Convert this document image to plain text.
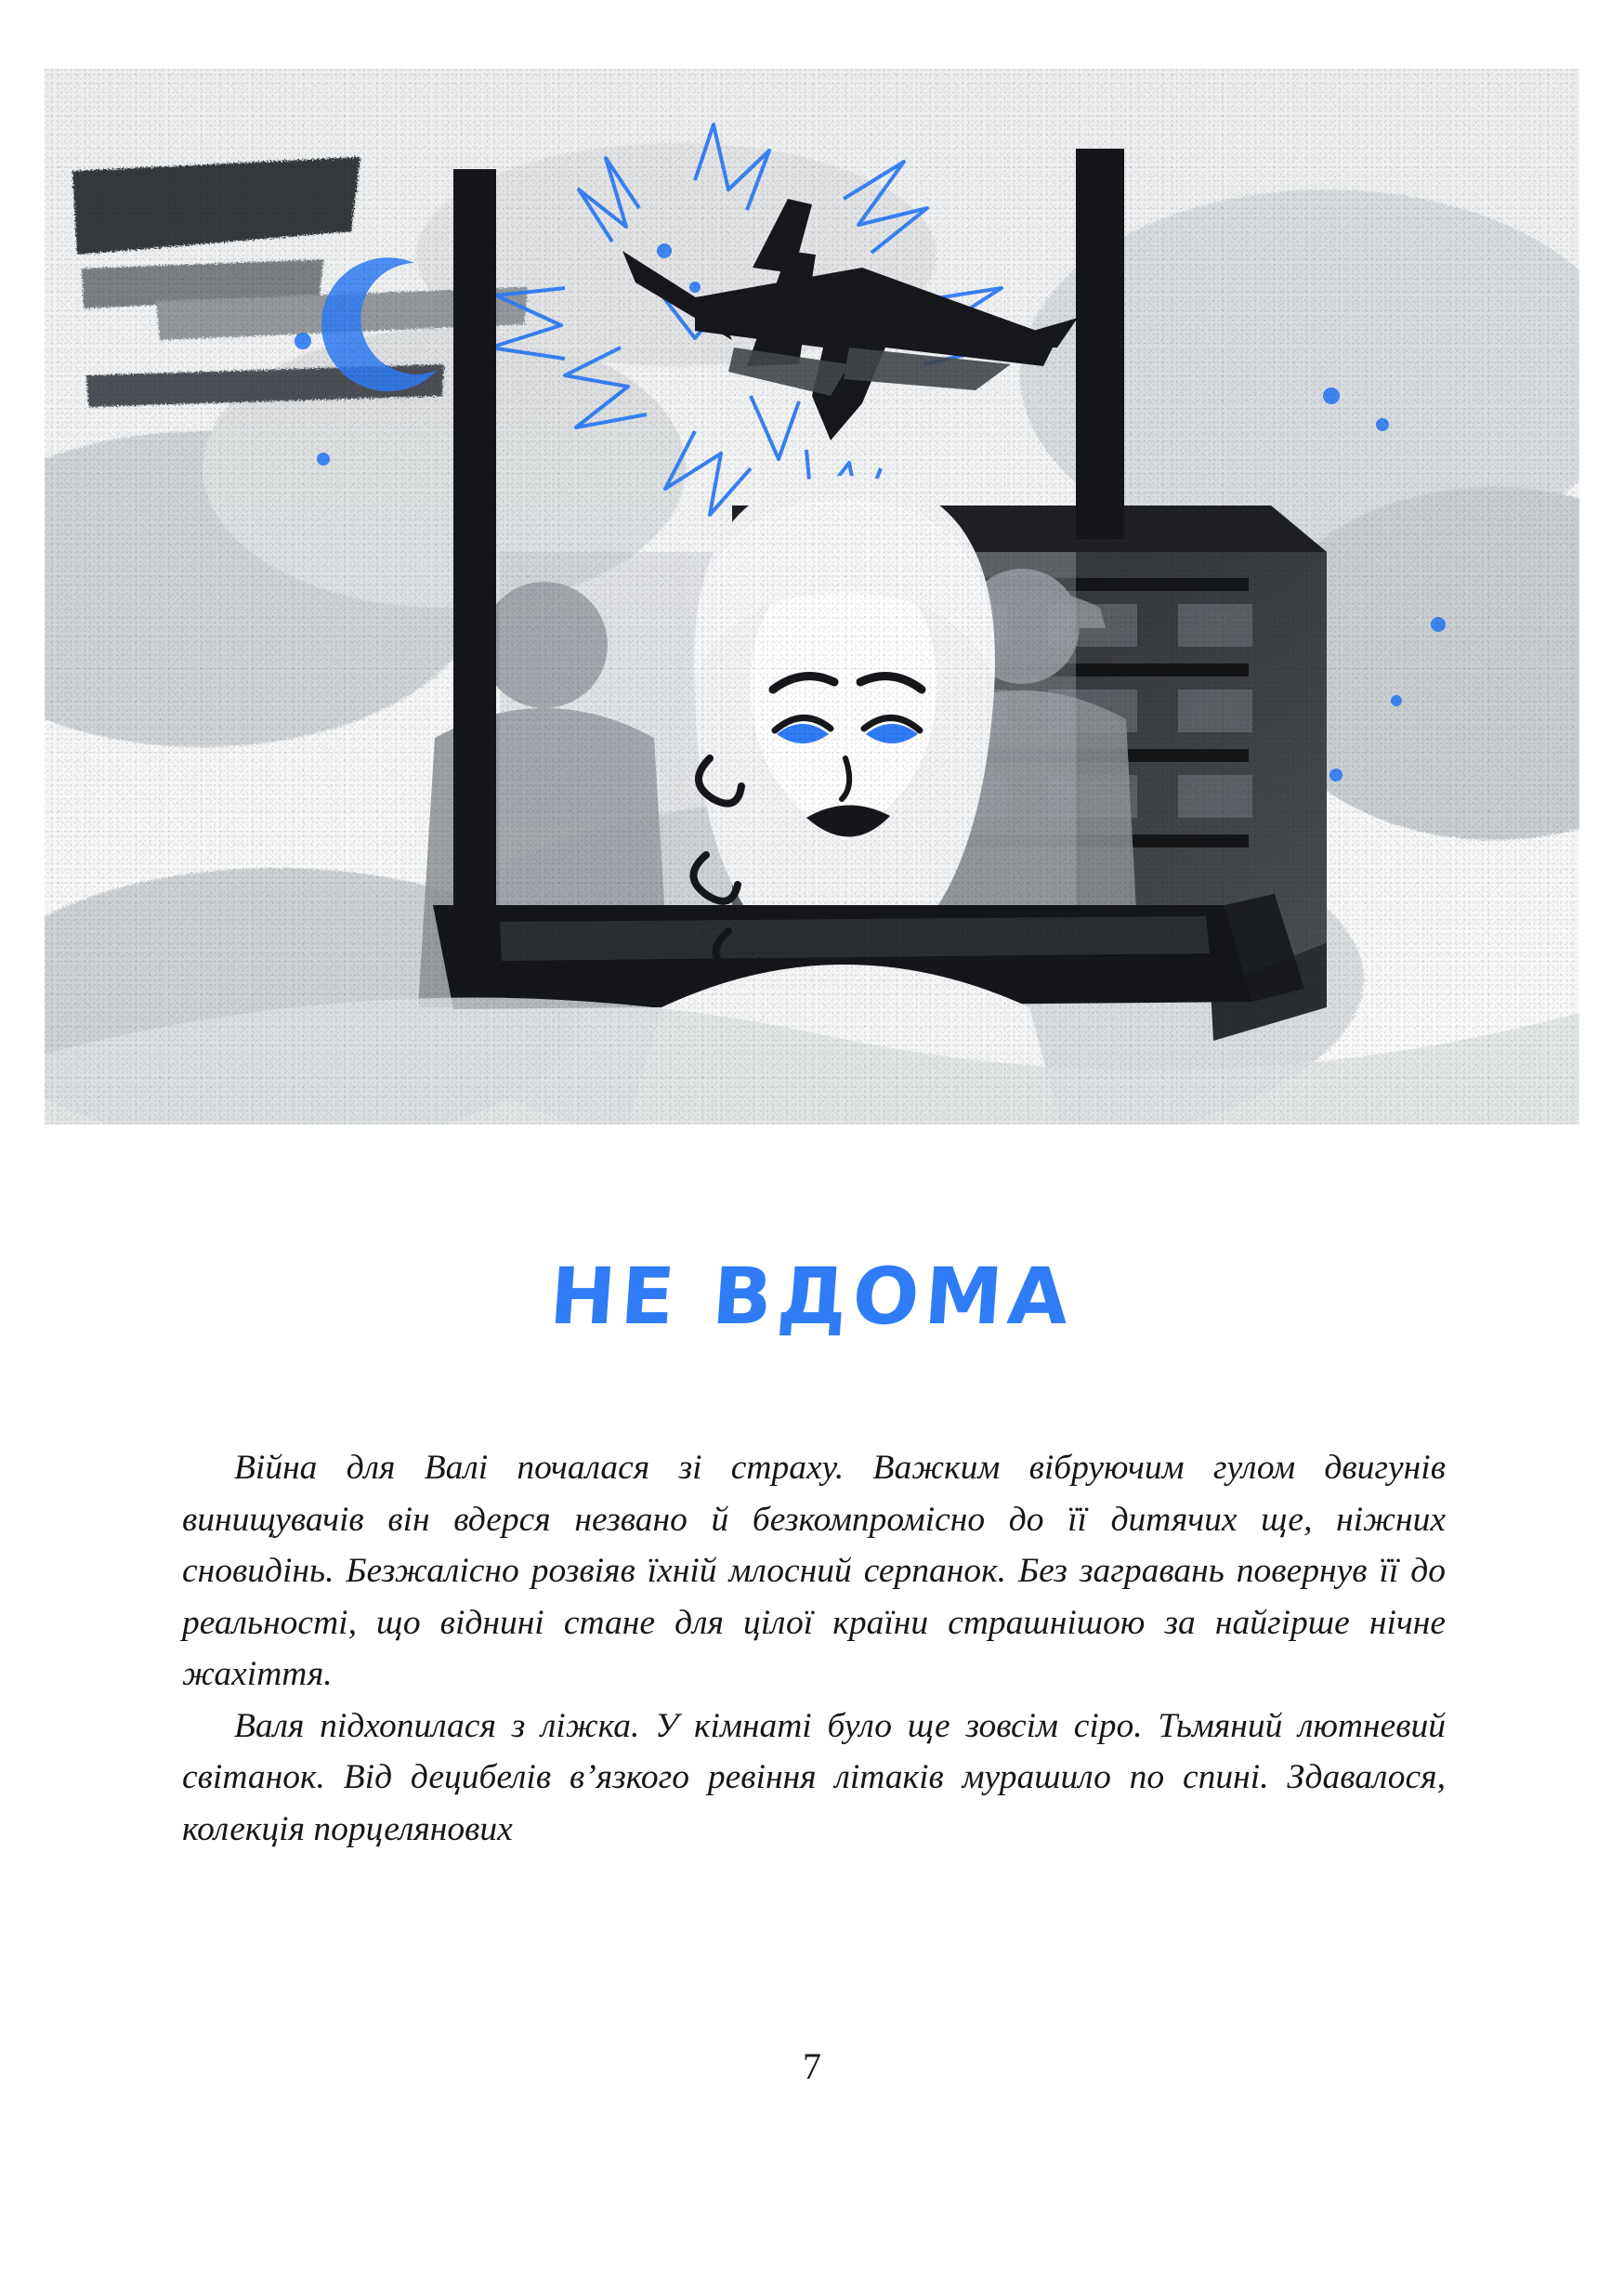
НЕ ВДОМА

Війна для Валі почалася зі страху. Важким вібруючим гулом двигунів винищувачів він вдерся незвано й безкомпромісно до її дитячих ще, ніжних сновидінь. Безжалісно розвіяв їхній млосний серпанок. Без загравань повернув її до реальності, що віднині стане для цілої країни страшнішою за найгірше нічне жахіття.

Валя підхопилася з ліжка. У кімнаті було ще зовсім сіро. Тьмяний лютневий світанок. Від децибелів в’язкого ревіння літаків мурашило по спині. Здавалося, колекція порцелянових

7
